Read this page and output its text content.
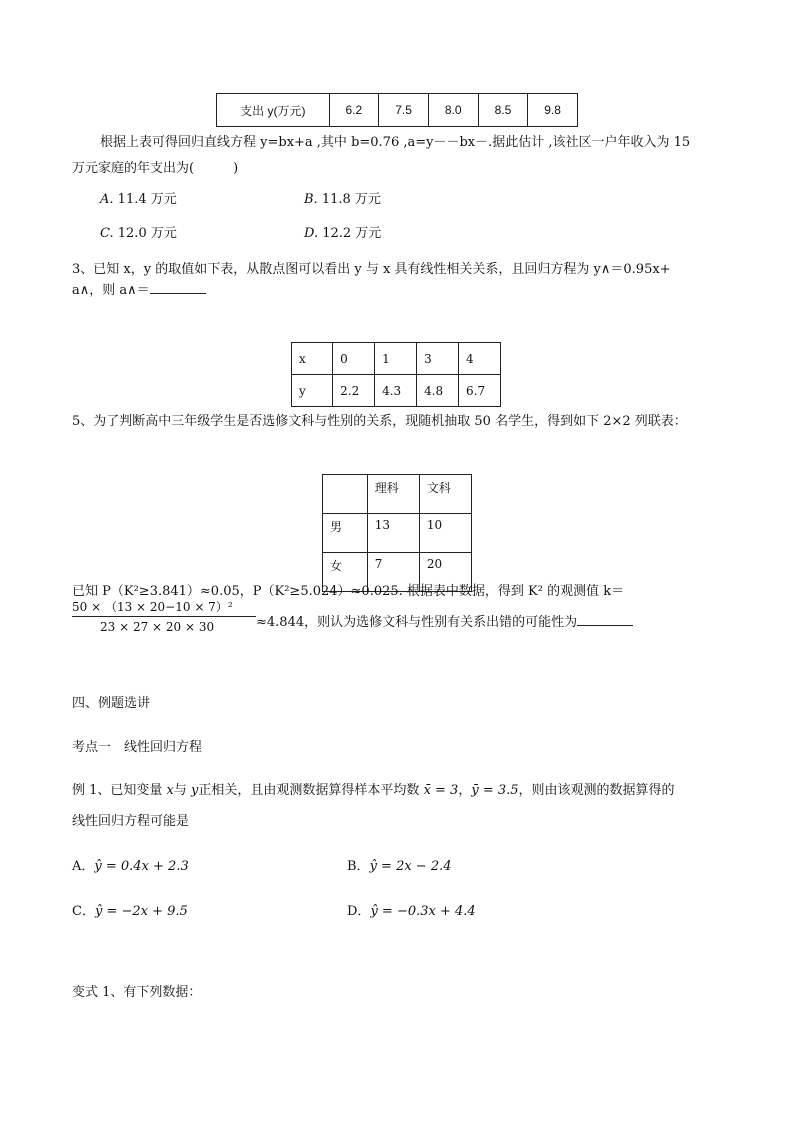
支出 y(万元)	6.2	7.5	8.0	8.5	9.8
根据上表可得回归直线方程 y=bx+a ,其中 b=0.76 ,a=y－－bx－.据此估计 ,该社区一户年收入为 15
万元家庭的年支出为(　　　)
A. 11.4 万元	B. 11.8 万元
C. 12.0 万元	D. 12.2 万元
3、已知 x，y 的取值如下表，从散点图可以看出 y 与 x 具有线性相关关系，且回归方程为 y∧＝0.95x+
a∧，则 a∧＝
x	0	1	3	4
y	2.2	4.3	4.8	6.7
5、为了判断高中三年级学生是否选修文科与性别的关系，现随机抽取 50 名学生，得到如下 2×2 列联表：
	理科	文科
男	13	10
女	7	20
已知 P（K²≥3.841）≈0.05，P（K²≥5.024）≈0.025. 根据表中数据，得到 K² 的观测值 k＝
50 × （13 × 20−10 × 7）²
23 × 27 × 20 × 30	≈4.844，则认为选修文科与性别有关系出错的可能性为
四、例题选讲
考点一　线性回归方程
例 1、已知变量 x与 y正相关，且由观测数据算得样本平均数 x̄ = 3，ȳ = 3.5，则由该观测的数据算得的
线性回归方程可能是
A．ŷ = 0.4x + 2.3	B．ŷ = 2x − 2.4
C．ŷ = −2x + 9.5	D．ŷ = −0.3x + 4.4
变式 1、有下列数据：
